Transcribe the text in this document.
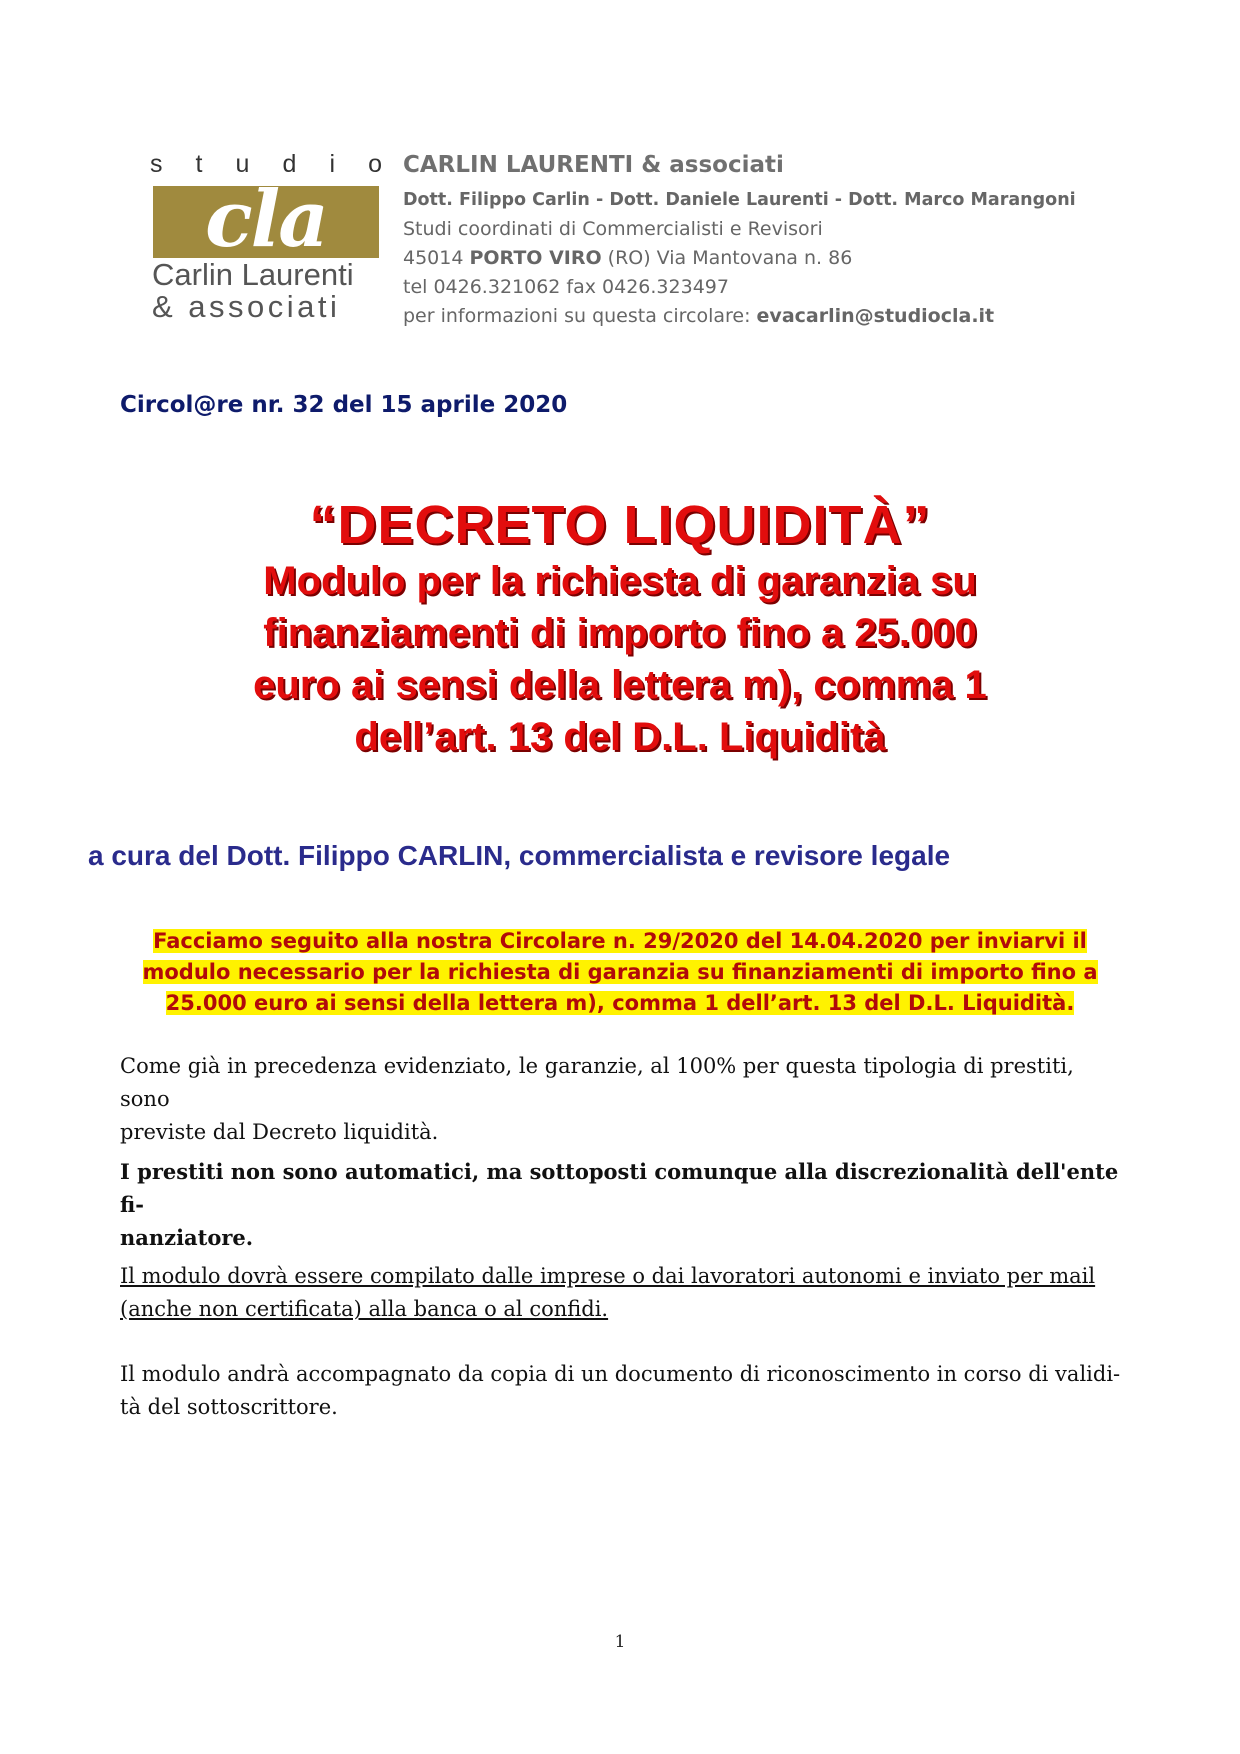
s t u d i o
cla
Carlin Laurenti
& associati
CARLIN LAURENTI & associati
Dott. Filippo Carlin - Dott. Daniele Laurenti - Dott. Marco Marangoni
Studi coordinati di Commercialisti e Revisori
45014 PORTO VIRO (RO) Via Mantovana n. 86
tel 0426.321062 fax 0426.323497
per informazioni su questa circolare: evacarlin@studiocla.it
Circol@re nr. 32 del 15 aprile 2020
“DECRETO LIQUIDITÀ”
Modulo per la richiesta di garanzia su
finanziamenti di importo fino a 25.000
euro ai sensi della lettera m), comma 1
dell’art. 13 del D.L. Liquidità
a cura del Dott. Filippo CARLIN, commercialista e revisore legale
Facciamo seguito alla nostra Circolare n. 29/2020 del 14.04.2020 per inviarvi il
modulo necessario per la richiesta di garanzia su finanziamenti di importo fino a
25.000 euro ai sensi della lettera m), comma 1 dell’art. 13 del D.L. Liquidità.
Come già in precedenza evidenziato, le garanzie, al 100% per questa tipologia di prestiti, sono
previste dal Decreto liquidità.
I prestiti non sono automatici, ma sottoposti comunque alla discrezionalità dell'ente fi-
nanziatore.
Il modulo dovrà essere compilato dalle imprese o dai lavoratori autonomi e inviato per mail
(anche non certificata) alla banca o al confidi.
Il modulo andrà accompagnato da copia di un documento di riconoscimento in corso di validi-
tà del sottoscrittore.
1
